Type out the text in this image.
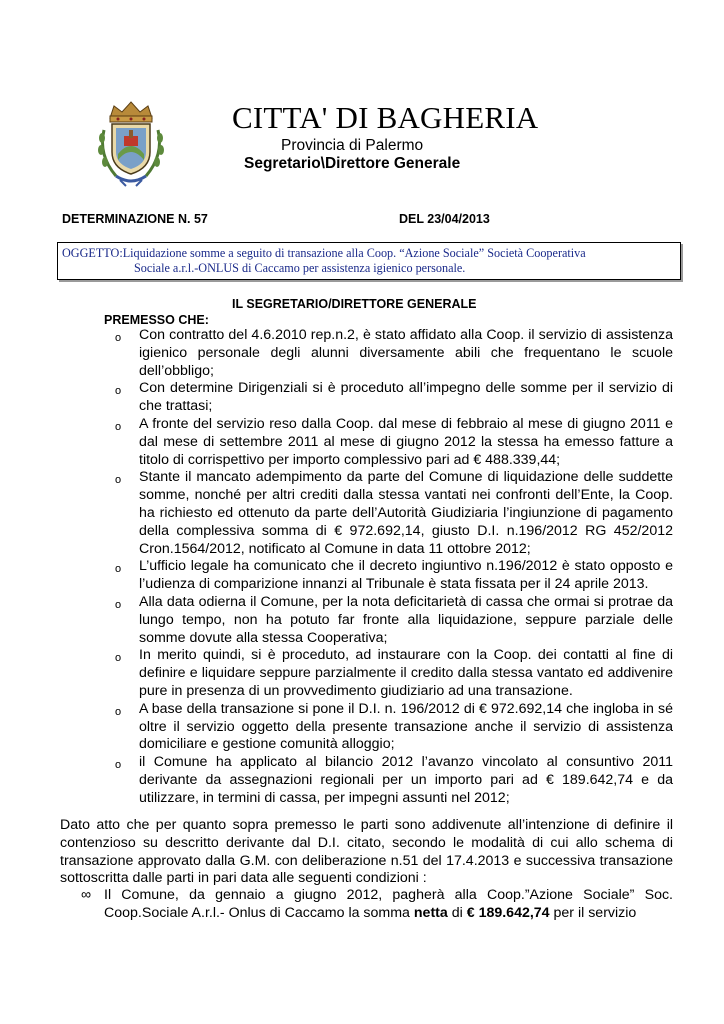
CITTA' DI BAGHERIA
Provincia di Palermo
Segretario\Direttore Generale
DETERMINAZIONE N. 57	DEL 23/04/2013
OGGETTO:Liquidazione somme a seguito di transazione alla Coop. “Azione Sociale” Società Cooperativa
Sociale a.r.l.-ONLUS di Caccamo per assistenza igienico personale.
IL SEGRETARIO/DIRETTORE GENERALE
PREMESSO CHE:
o	Con contratto del 4.6.2010 rep.n.2, è stato affidato alla Coop. il servizio di assistenza igienico personale degli alunni diversamente abili che frequentano le scuole dell’obbligo;
o	Con determine Dirigenziali si è proceduto all’impegno delle somme per il servizio di che trattasi;
o	A fronte del servizio reso dalla Coop. dal mese di febbraio al mese di giugno 2011 e dal mese di settembre 2011 al mese di giugno 2012 la stessa ha emesso fatture a titolo di corrispettivo per importo complessivo pari ad € 488.339,44;
o	Stante il mancato adempimento da parte del Comune di liquidazione delle suddette somme, nonché per altri crediti dalla stessa vantati nei confronti dell’Ente, la Coop. ha richiesto ed ottenuto da parte dell’Autorità Giudiziaria l’ingiunzione di pagamento della complessiva somma di € 972.692,14, giusto D.I. n.196/2012 RG 452/2012 Cron.1564/2012, notificato al Comune in data 11 ottobre 2012;
o	L’ufficio legale ha comunicato che il decreto ingiuntivo n.196/2012 è stato opposto e l’udienza di comparizione innanzi al Tribunale è stata fissata per il 24 aprile 2013.
o	Alla data odierna il Comune, per la nota deficitarietà di cassa che ormai si protrae da lungo tempo, non ha potuto far fronte alla liquidazione, seppure parziale delle somme dovute alla stessa Cooperativa;
o	In merito quindi, si è proceduto, ad instaurare con la Coop. dei contatti al fine di definire e liquidare seppure parzialmente il credito dalla stessa vantato ed addivenire pure in presenza di un provvedimento giudiziario ad una transazione.
o	A base della transazione si pone il D.I. n. 196/2012 di € 972.692,14 che ingloba in sé oltre il servizio oggetto della presente transazione anche il servizio di assistenza domiciliare e gestione comunità alloggio;
o	il Comune ha applicato al bilancio 2012 l’avanzo vincolato al consuntivo 2011 derivante da assegnazioni regionali per un importo pari ad € 189.642,74 e da utilizzare, in termini di cassa, per impegni assunti nel 2012;
Dato atto che per quanto sopra premesso le parti sono addivenute all’intenzione di definire il contenzioso su descritto derivante dal D.I. citato, secondo le modalità di cui allo schema di transazione approvato dalla G.M. con deliberazione n.51 del 17.4.2013 e successiva transazione sottoscritta dalle parti in pari data alle seguenti condizioni :
∞ Il Comune, da gennaio a giugno 2012, pagherà alla Coop.”Azione Sociale” Soc. Coop.Sociale A.r.l.- Onlus di Caccamo la somma netta di € 189.642,74 per il servizio
